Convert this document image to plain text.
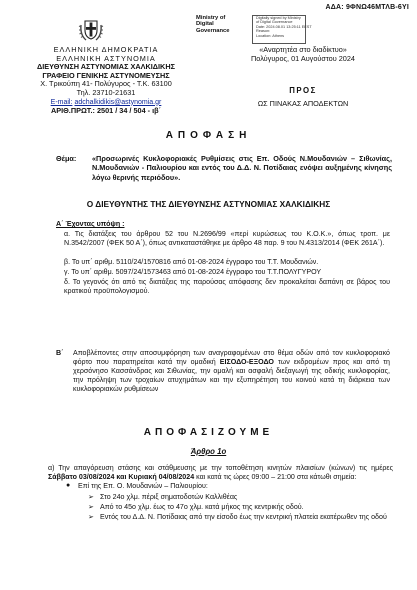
ΑΔΑ: 9ΦΝΩ46ΜΤΛΒ-6ΥΙ
Ministry of
Digital
Governance
Digitally signed by Ministry
of Digital Governance
Date: 2024.08.01 13:25:11 EEST
Reason:
Location: Athens
ΕΛΛΗΝΙΚΗ ΔΗΜΟΚΡΑΤΙΑ
ΕΛΛΗΝΙΚΗ ΑΣΤΥΝΟΜΙΑ
ΔΙΕΥΘΥΝΣΗ ΑΣΤΥΝΟΜΙΑΣ ΧΑΛΚΙΔΙΚΗΣ
ΓΡΑΦΕΙΟ ΓΕΝΙΚΗΣ ΑΣΤΥΝΟΜΕΥΣΗΣ
Χ. Τρικούπη 41- Πολύγυρος - Τ.Κ. 63100
Τηλ. 23710-21631
E-mail: adchalkidikis@astynomia.gr
ΑΡΙΘ.ΠΡΩΤ.: 2501 / 34 / 504 - ιβ΄
«Αναρτητέα στο διαδίκτυο»
Πολύγυρος, 01 Αυγούστου 2024
ΠΡΟΣ
ΩΣ ΠΙΝΑΚΑΣ ΑΠΟΔΕΚΤΩΝ
ΑΠΟΦΑΣΗ
Θέμα: «Προσωρινές Κυκλοφοριακές Ρυθμίσεις στις Επ. Οδούς Ν.Μουδανιών – Σιθωνίας, Ν.Μουδανιών - Παλιουρίου και εντός του Δ.Δ. Ν. Ποτίδαιας ενόψει αυξημένης κίνησης λόγω θερινής περιόδου».
Ο ΔΙΕΥΘΥΝΤΗΣ ΤΗΣ ΔΙΕΥΘΥΝΣΗΣ ΑΣΤΥΝΟΜΙΑΣ ΧΑΛΚΙΔΙΚΗΣ
Α΄ Έχοντας υπόψη :
α. Τις διατάξεις του άρθρου 52 του Ν.2696/99 «περί κυρώσεως του Κ.Ο.Κ.», όπως τροπ. με Ν.3542/2007 (ΦΕΚ 50 Α΄), όπως αντικαταστάθηκε με άρθρο 48 παρ. 9 του Ν.4313/2014 (ΦΕΚ 261Α΄).
β. Το υπ΄ αριθμ. 5110/24/1570816 από 01-08-2024 έγγραφο του Τ.Τ. Μουδανιών.
γ. Το υπ΄ αριθμ. 5097/24/1573463 από 01-08-2024 έγγραφο του Τ.Τ.ΠΟΛΥΓΥΡΟΥ
δ. Το γεγονός ότι από τις διατάξεις της παρούσας απόφασης δεν προκαλείται δαπάνη σε βάρος του κρατικού προϋπολογισμού.
Β΄ Αποβλέποντες στην αποσυμφόρηση των αναγραφομένων στο θέμα οδών από τον κυκλοφοριακό φόρτο που παρατηρείται κατά την ομαδική ΕΙΣΟΔΟ-ΕΞΟΔΟ των εκδρομέων προς και από τη χερσόνησο Κασσάνδρας και Σιθωνίας, την ομαλή και ασφαλή διεξαγωγή της οδικής κυκλοφορίας, την πρόληψη των τροχαίων ατυχημάτων και την εξυπηρέτηση του κοινού κατά τη διάρκεια των κυκλοφοριακών ρυθμίσεων
ΑΠΟΦΑΣΙΖΟΥΜΕ
Άρθρο 1ο
α) Την απαγόρευση στάσης και στάθμευσης με την τοποθέτηση κινητών πλαισίων (κώνων) τις ημέρες Σάββατο 03/08/2024 και Κυριακή 04/08/2024 και κατά τις ώρες 09:00 – 21:00 στα κάτωθι σημεία:
● Επί της Επ. Ο. Μουδανιών – Παλιουρίου:
➢ Στο 24ο χλμ. πέριξ σηματοδοτών Καλλιθέας
➢ Από το 45ο χλμ. έως το 47ο χλμ. κατά μήκος της κεντρικής οδού.
➢ Εντός του Δ.Δ. Ν. Ποτίδαιας από την είσοδο έως την κεντρική πλατεία εκατέρωθεν της οδού
